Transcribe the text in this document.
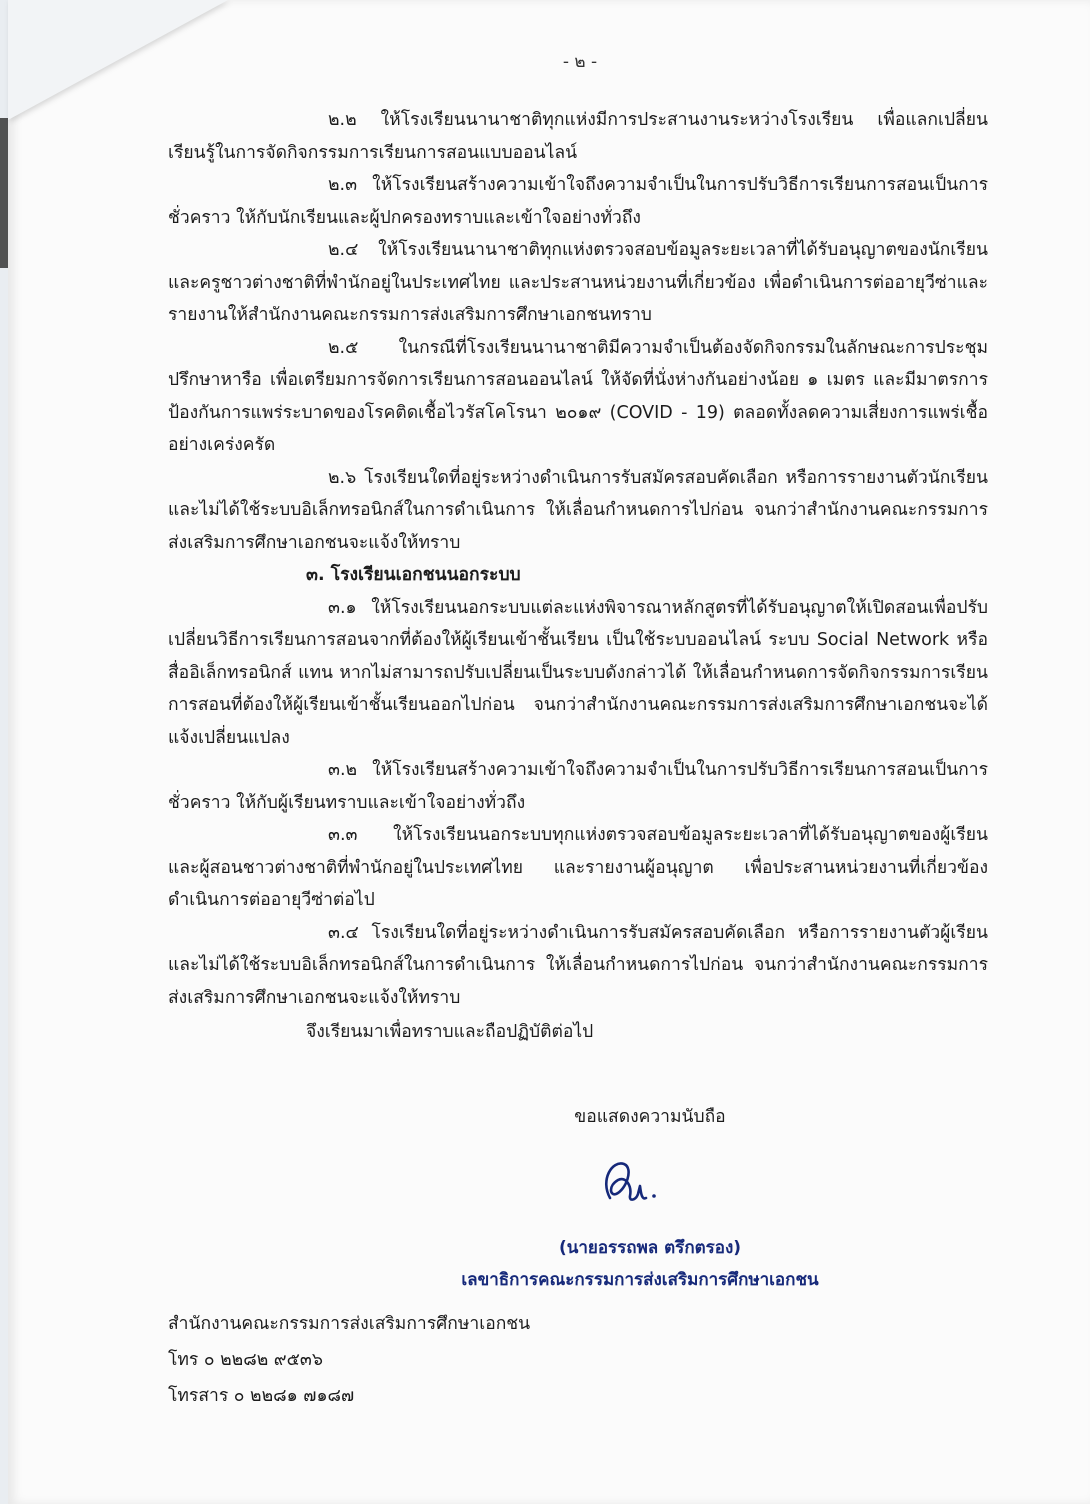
- ๒ -

๒.๒ ให้โรงเรียนนานาชาติทุกแห่งมีการประสานงานระหว่างโรงเรียน เพื่อแลกเปลี่ยนเรียนรู้ในการจัดกิจกรรมการเรียนการสอนแบบออนไลน์

๒.๓ ให้โรงเรียนสร้างความเข้าใจถึงความจำเป็นในการปรับวิธีการเรียนการสอนเป็นการชั่วคราว ให้กับนักเรียนและผู้ปกครองทราบและเข้าใจอย่างทั่วถึง

๒.๔ ให้โรงเรียนนานาชาติทุกแห่งตรวจสอบข้อมูลระยะเวลาที่ได้รับอนุญาตของนักเรียนและครูชาวต่างชาติที่พำนักอยู่ในประเทศไทย และประสานหน่วยงานที่เกี่ยวข้อง เพื่อดำเนินการต่ออายุวีซ่าและรายงานให้สำนักงานคณะกรรมการส่งเสริมการศึกษาเอกชนทราบ

๒.๕ ในกรณีที่โรงเรียนนานาชาติมีความจำเป็นต้องจัดกิจกรรมในลักษณะการประชุมปรึกษาหารือ เพื่อเตรียมการจัดการเรียนการสอนออนไลน์ ให้จัดที่นั่งห่างกันอย่างน้อย ๑ เมตร และมีมาตรการป้องกันการแพร่ระบาดของโรคติดเชื้อไวรัสโคโรนา ๒๐๑๙ (COVID - 19) ตลอดทั้งลดความเสี่ยงการแพร่เชื้ออย่างเคร่งครัด

๒.๖ โรงเรียนใดที่อยู่ระหว่างดำเนินการรับสมัครสอบคัดเลือก หรือการรายงานตัวนักเรียนและไม่ได้ใช้ระบบอิเล็กทรอนิกส์ในการดำเนินการ ให้เลื่อนกำหนดการไปก่อน จนกว่าสำนักงานคณะกรรมการส่งเสริมการศึกษาเอกชนจะแจ้งให้ทราบ

๓. โรงเรียนเอกชนนอกระบบ

๓.๑ ให้โรงเรียนนอกระบบแต่ละแห่งพิจารณาหลักสูตรที่ได้รับอนุญาตให้เปิดสอนเพื่อปรับเปลี่ยนวิธีการเรียนการสอนจากที่ต้องให้ผู้เรียนเข้าชั้นเรียน เป็นใช้ระบบออนไลน์ ระบบ Social Network หรือสื่ออิเล็กทรอนิกส์ แทน หากไม่สามารถปรับเปลี่ยนเป็นระบบดังกล่าวได้ ให้เลื่อนกำหนดการจัดกิจกรรมการเรียนการสอนที่ต้องให้ผู้เรียนเข้าชั้นเรียนออกไปก่อน จนกว่าสำนักงานคณะกรรมการส่งเสริมการศึกษาเอกชนจะได้แจ้งเปลี่ยนแปลง

๓.๒ ให้โรงเรียนสร้างความเข้าใจถึงความจำเป็นในการปรับวิธีการเรียนการสอนเป็นการชั่วคราว ให้กับผู้เรียนทราบและเข้าใจอย่างทั่วถึง

๓.๓ ให้โรงเรียนนอกระบบทุกแห่งตรวจสอบข้อมูลระยะเวลาที่ได้รับอนุญาตของผู้เรียนและผู้สอนชาวต่างชาติที่พำนักอยู่ในประเทศไทย และรายงานผู้อนุญาต เพื่อประสานหน่วยงานที่เกี่ยวข้องดำเนินการต่ออายุวีซ่าต่อไป

๓.๔ โรงเรียนใดที่อยู่ระหว่างดำเนินการรับสมัครสอบคัดเลือก หรือการรายงานตัวผู้เรียนและไม่ได้ใช้ระบบอิเล็กทรอนิกส์ในการดำเนินการ ให้เลื่อนกำหนดการไปก่อน จนกว่าสำนักงานคณะกรรมการส่งเสริมการศึกษาเอกชนจะแจ้งให้ทราบ

จึงเรียนมาเพื่อทราบและถือปฏิบัติต่อไป

ขอแสดงความนับถือ
(นายอรรถพล ตรึกตรอง)
เลขาธิการคณะกรรมการส่งเสริมการศึกษาเอกชน
สำนักงานคณะกรรมการส่งเสริมการศึกษาเอกชน
โทร ๐ ๒๒๘๒ ๙๕๓๖
โทรสาร ๐ ๒๒๘๑ ๗๑๘๗
